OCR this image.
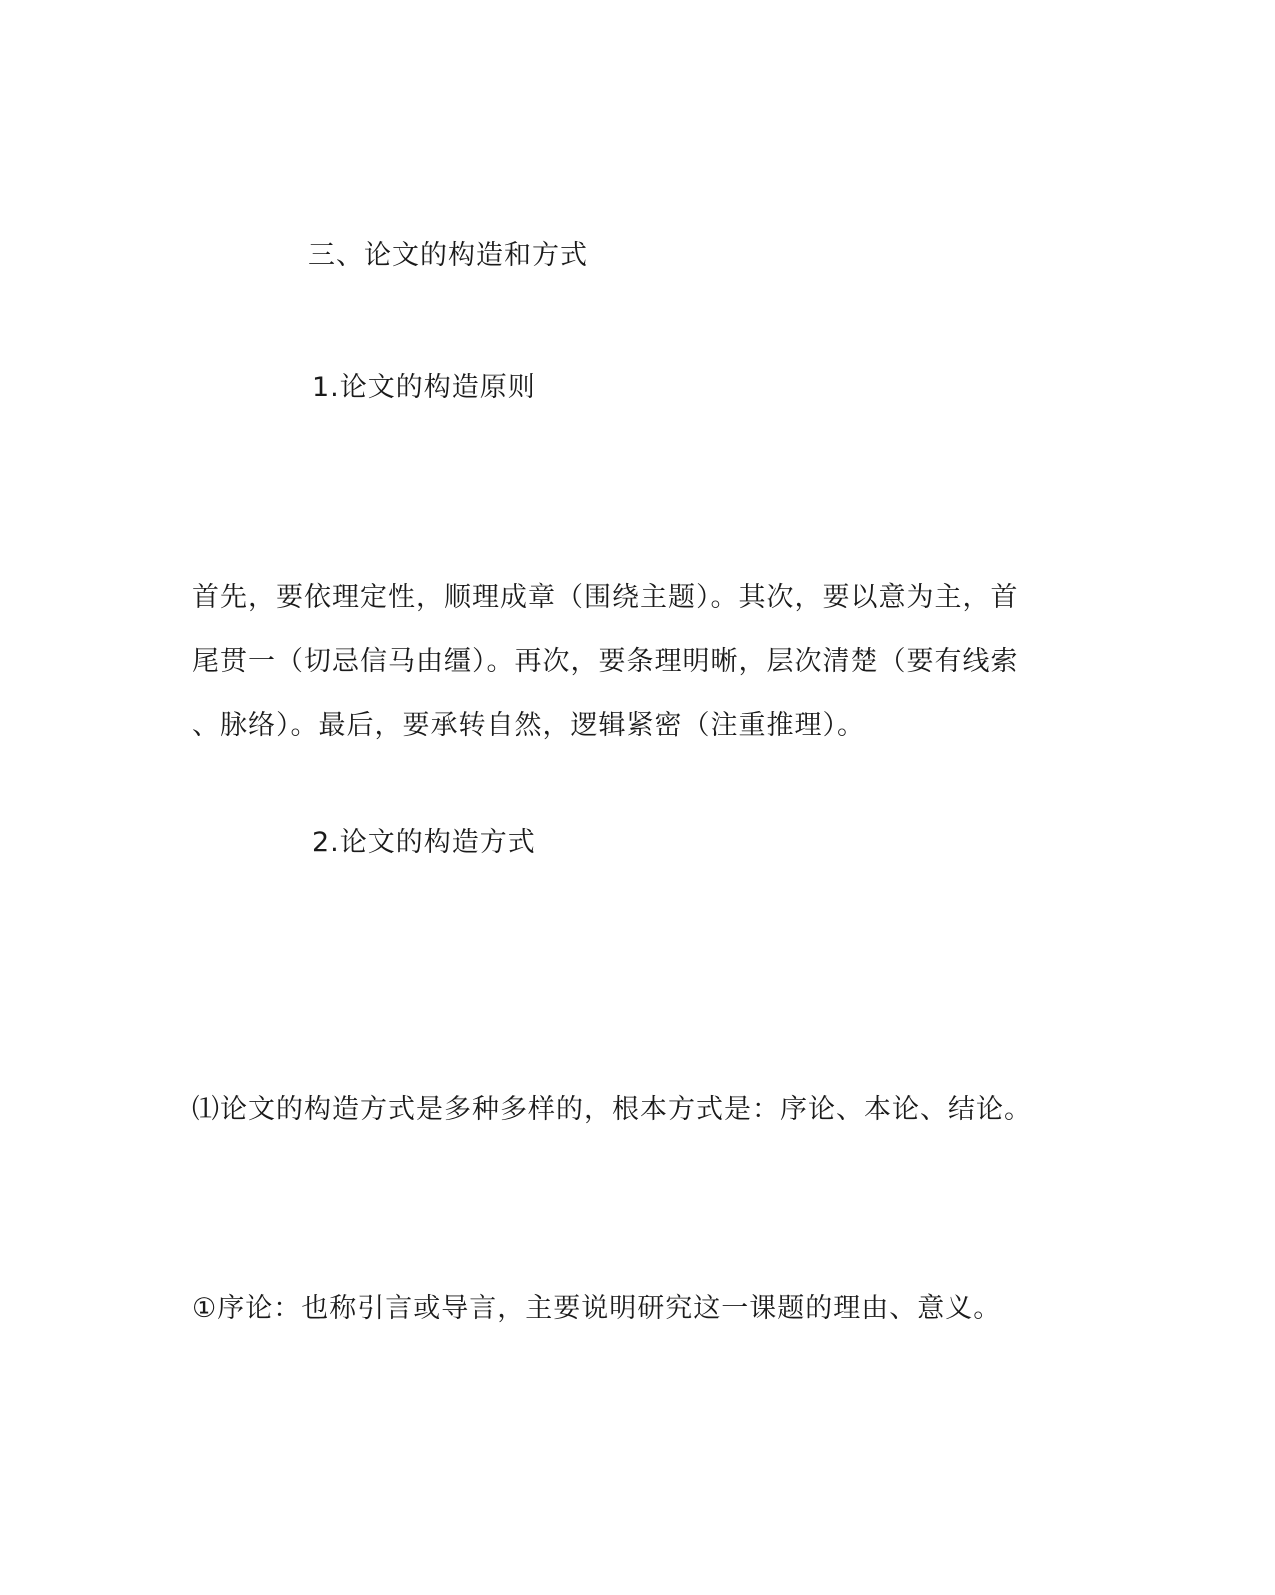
三、论文的构造和方式
1.论文的构造原则
首先，要依理定性，顺理成章（围绕主题）。其次，要以意为主，首
尾贯一（切忌信马由缰）。再次，要条理明晰，层次清楚（要有线索
、脉络）。最后，要承转自然，逻辑紧密（注重推理）。
2.论文的构造方式
⑴论文的构造方式是多种多样的，根本方式是：序论、本论、结论。
①序论：也称引言或导言，主要说明研究这一课题的理由、意义。
